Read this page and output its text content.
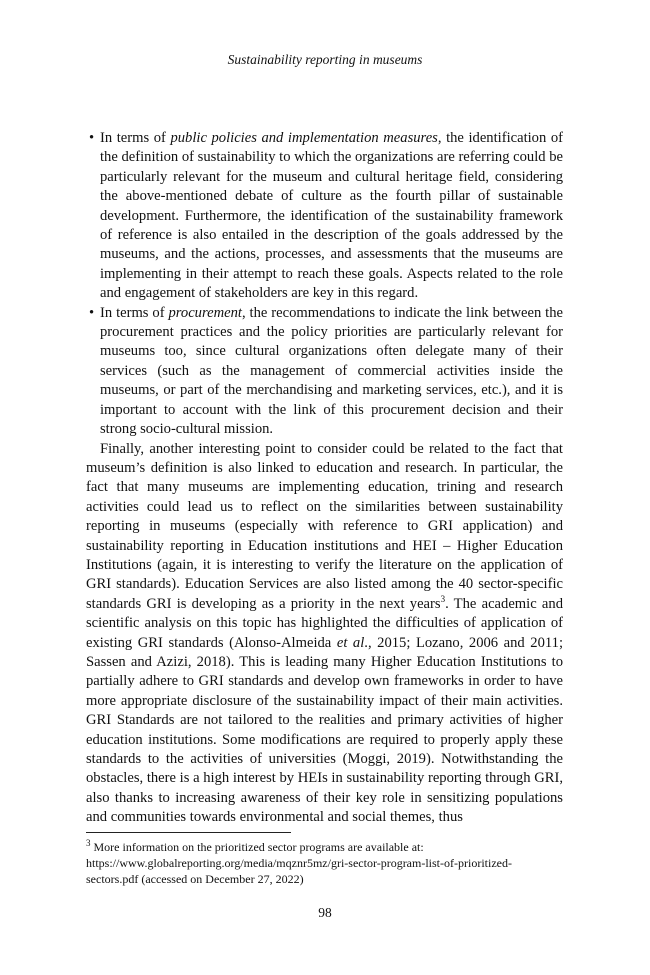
Sustainability reporting in museums
• In terms of public policies and implementation measures, the identification of the definition of sustainability to which the organizations are referring could be particularly relevant for the museum and cultural heritage field, considering the above-mentioned debate of culture as the fourth pillar of sustainable development. Furthermore, the identification of the sustainability framework of reference is also entailed in the description of the goals addressed by the museums, and the actions, processes, and assessments that the museums are implementing in their attempt to reach these goals. Aspects related to the role and engagement of stakeholders are key in this regard.
• In terms of procurement, the recommendations to indicate the link between the procurement practices and the policy priorities are particularly relevant for museums too, since cultural organizations often delegate many of their services (such as the management of commercial activities inside the museums, or part of the merchandising and marketing services, etc.), and it is important to account with the link of this procurement decision and their strong socio-cultural mission.

Finally, another interesting point to consider could be related to the fact that museum’s definition is also linked to education and research. In particular, the fact that many museums are implementing education, trining and research activities could lead us to reflect on the similarities between sustainability reporting in museums (especially with reference to GRI application) and sustainability reporting in Education institutions and HEI – Higher Education Institutions (again, it is interesting to verify the literature on the application of GRI standards). Education Services are also listed among the 40 sector-specific standards GRI is developing as a priority in the next years$^3$. The academic and scientific analysis on this topic has highlighted the difficulties of application of existing GRI standards (Alonso-Almeida et al., 2015; Lozano, 2006 and 2011; Sassen and Azizi, 2018). This is leading many Higher Education Institutions to partially adhere to GRI standards and develop own frameworks in order to have more appropriate disclosure of the sustainability impact of their main activities. GRI Standards are not tailored to the realities and primary activities of higher education institutions. Some modifications are required to properly apply these standards to the activities of universities (Moggi, 2019). Notwithstanding the obstacles, there is a high interest by HEIs in sustainability reporting through GRI, also thanks to increasing awareness of their key role in sensitizing populations and communities towards environmental and social themes, thus

$^3$ More information on the prioritized sector programs are available at: https://www.globalreporting.org/media/mqznr5mz/gri-sector-program-list-of-prioritized-sectors.pdf (accessed on December 27, 2022)
98
